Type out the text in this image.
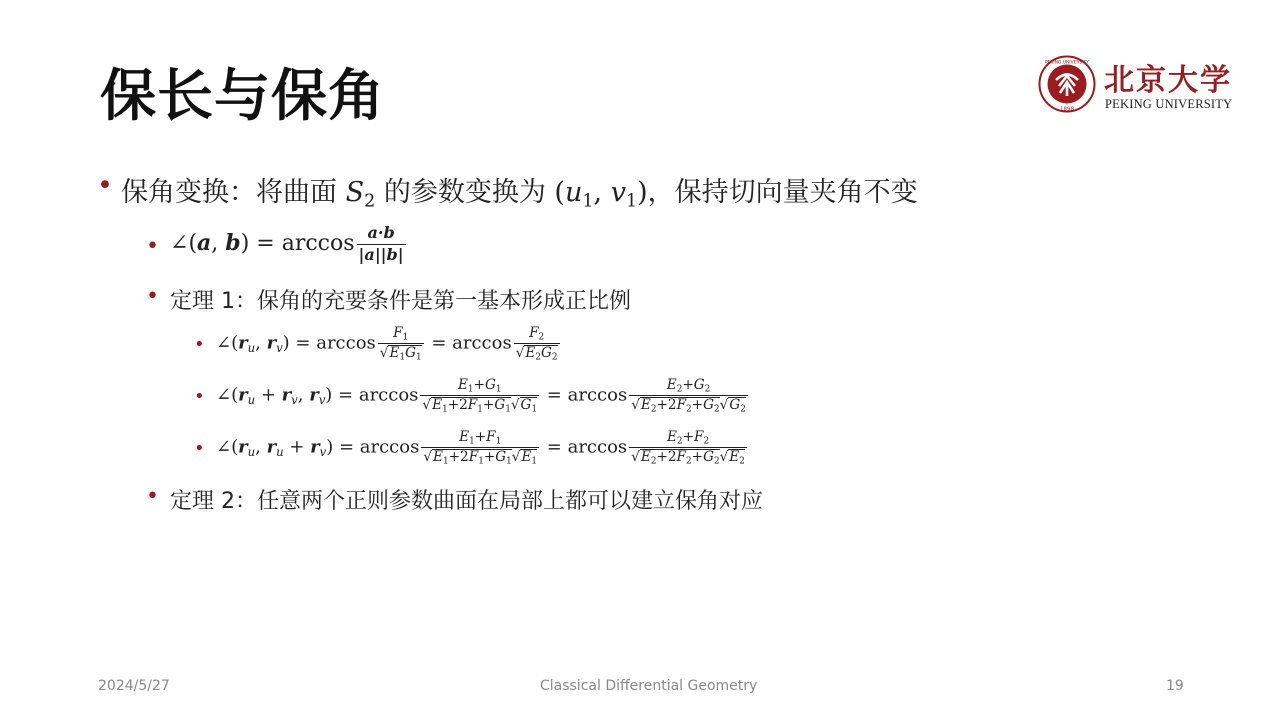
保长与保角	1898
PEKING UNIVERSITY 北京大学
PEKING UNIVERSITY
• 保角变换：将曲面 $S_2$ 的参数变换为 ($u_1$, $v_1$)，保持切向量夹角不变
• ∠(a, $b) = \arccos \frac{a\cdot b}{|a||b|}$
• 定理 1：保角的充要条件是第一基本形成正比例
• $\angle(r_u$, $r_v) = \arccos \frac{F_1}{√E_1G_1} = \arccos \frac{F_2}{√E_2G_2}$
• $\angle(r_u + r_v$, $r_v) = \arccos \frac{E_1+G_1}{√E_1+2F_1+G_1√G_1} = \arccos \frac{E_2+G_2}{√E_2+2F_2+G_2√G_2}$
• $\angle(r_u$, $r_u + r_v) = \arccos \frac{E_1+F_1}{√E_1+2F_1+G_1√E_1} = \arccos \frac{E_2+F_2}{√E_2+2F_2+G_2√E_2}$
• 定理 2：任意两个正则参数曲面在局部上都可以建立保角对应
2024/5/27	Classical Differential Geometry	19
